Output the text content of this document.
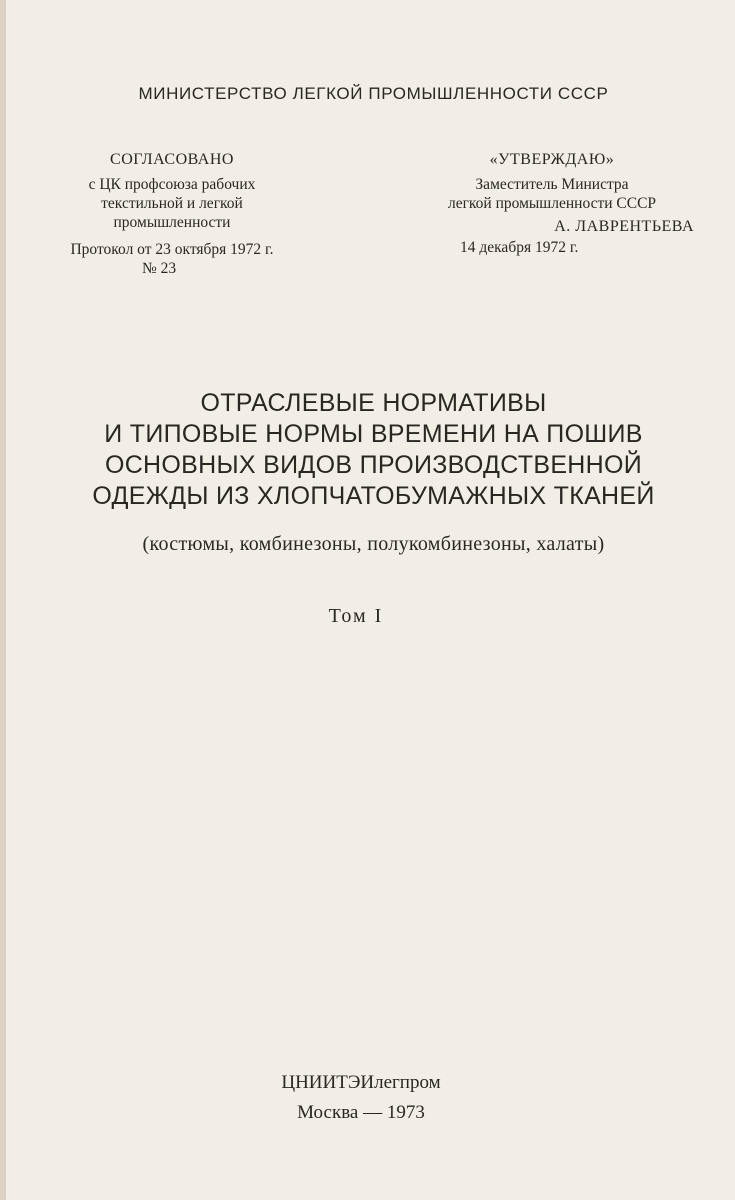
МИНИСТЕРСТВО ЛЕГКОЙ ПРОМЫШЛЕННОСТИ СССР
СОГЛАСОВАНО
с ЦК профсоюза рабочих
текстильной и легкой
промышленности
Протокол от 23 октября 1972 г.
№ 23
«УТВЕРЖДАЮ»
Заместитель Министра
легкой промышленности СССР
А. ЛАВРЕНТЬЕВА
14 декабря 1972 г.
ОТРАСЛЕВЫЕ НОРМАТИВЫ
И ТИПОВЫЕ НОРМЫ ВРЕМЕНИ НА ПОШИВ
ОСНОВНЫХ ВИДОВ ПРОИЗВОДСТВЕННОЙ
ОДЕЖДЫ ИЗ ХЛОПЧАТОБУМАЖНЫХ ТКАНЕЙ
(костюмы, комбинезоны, полукомбинезоны, халаты)
Том I
ЦНИИТЭИлегпром
Москва — 1973
